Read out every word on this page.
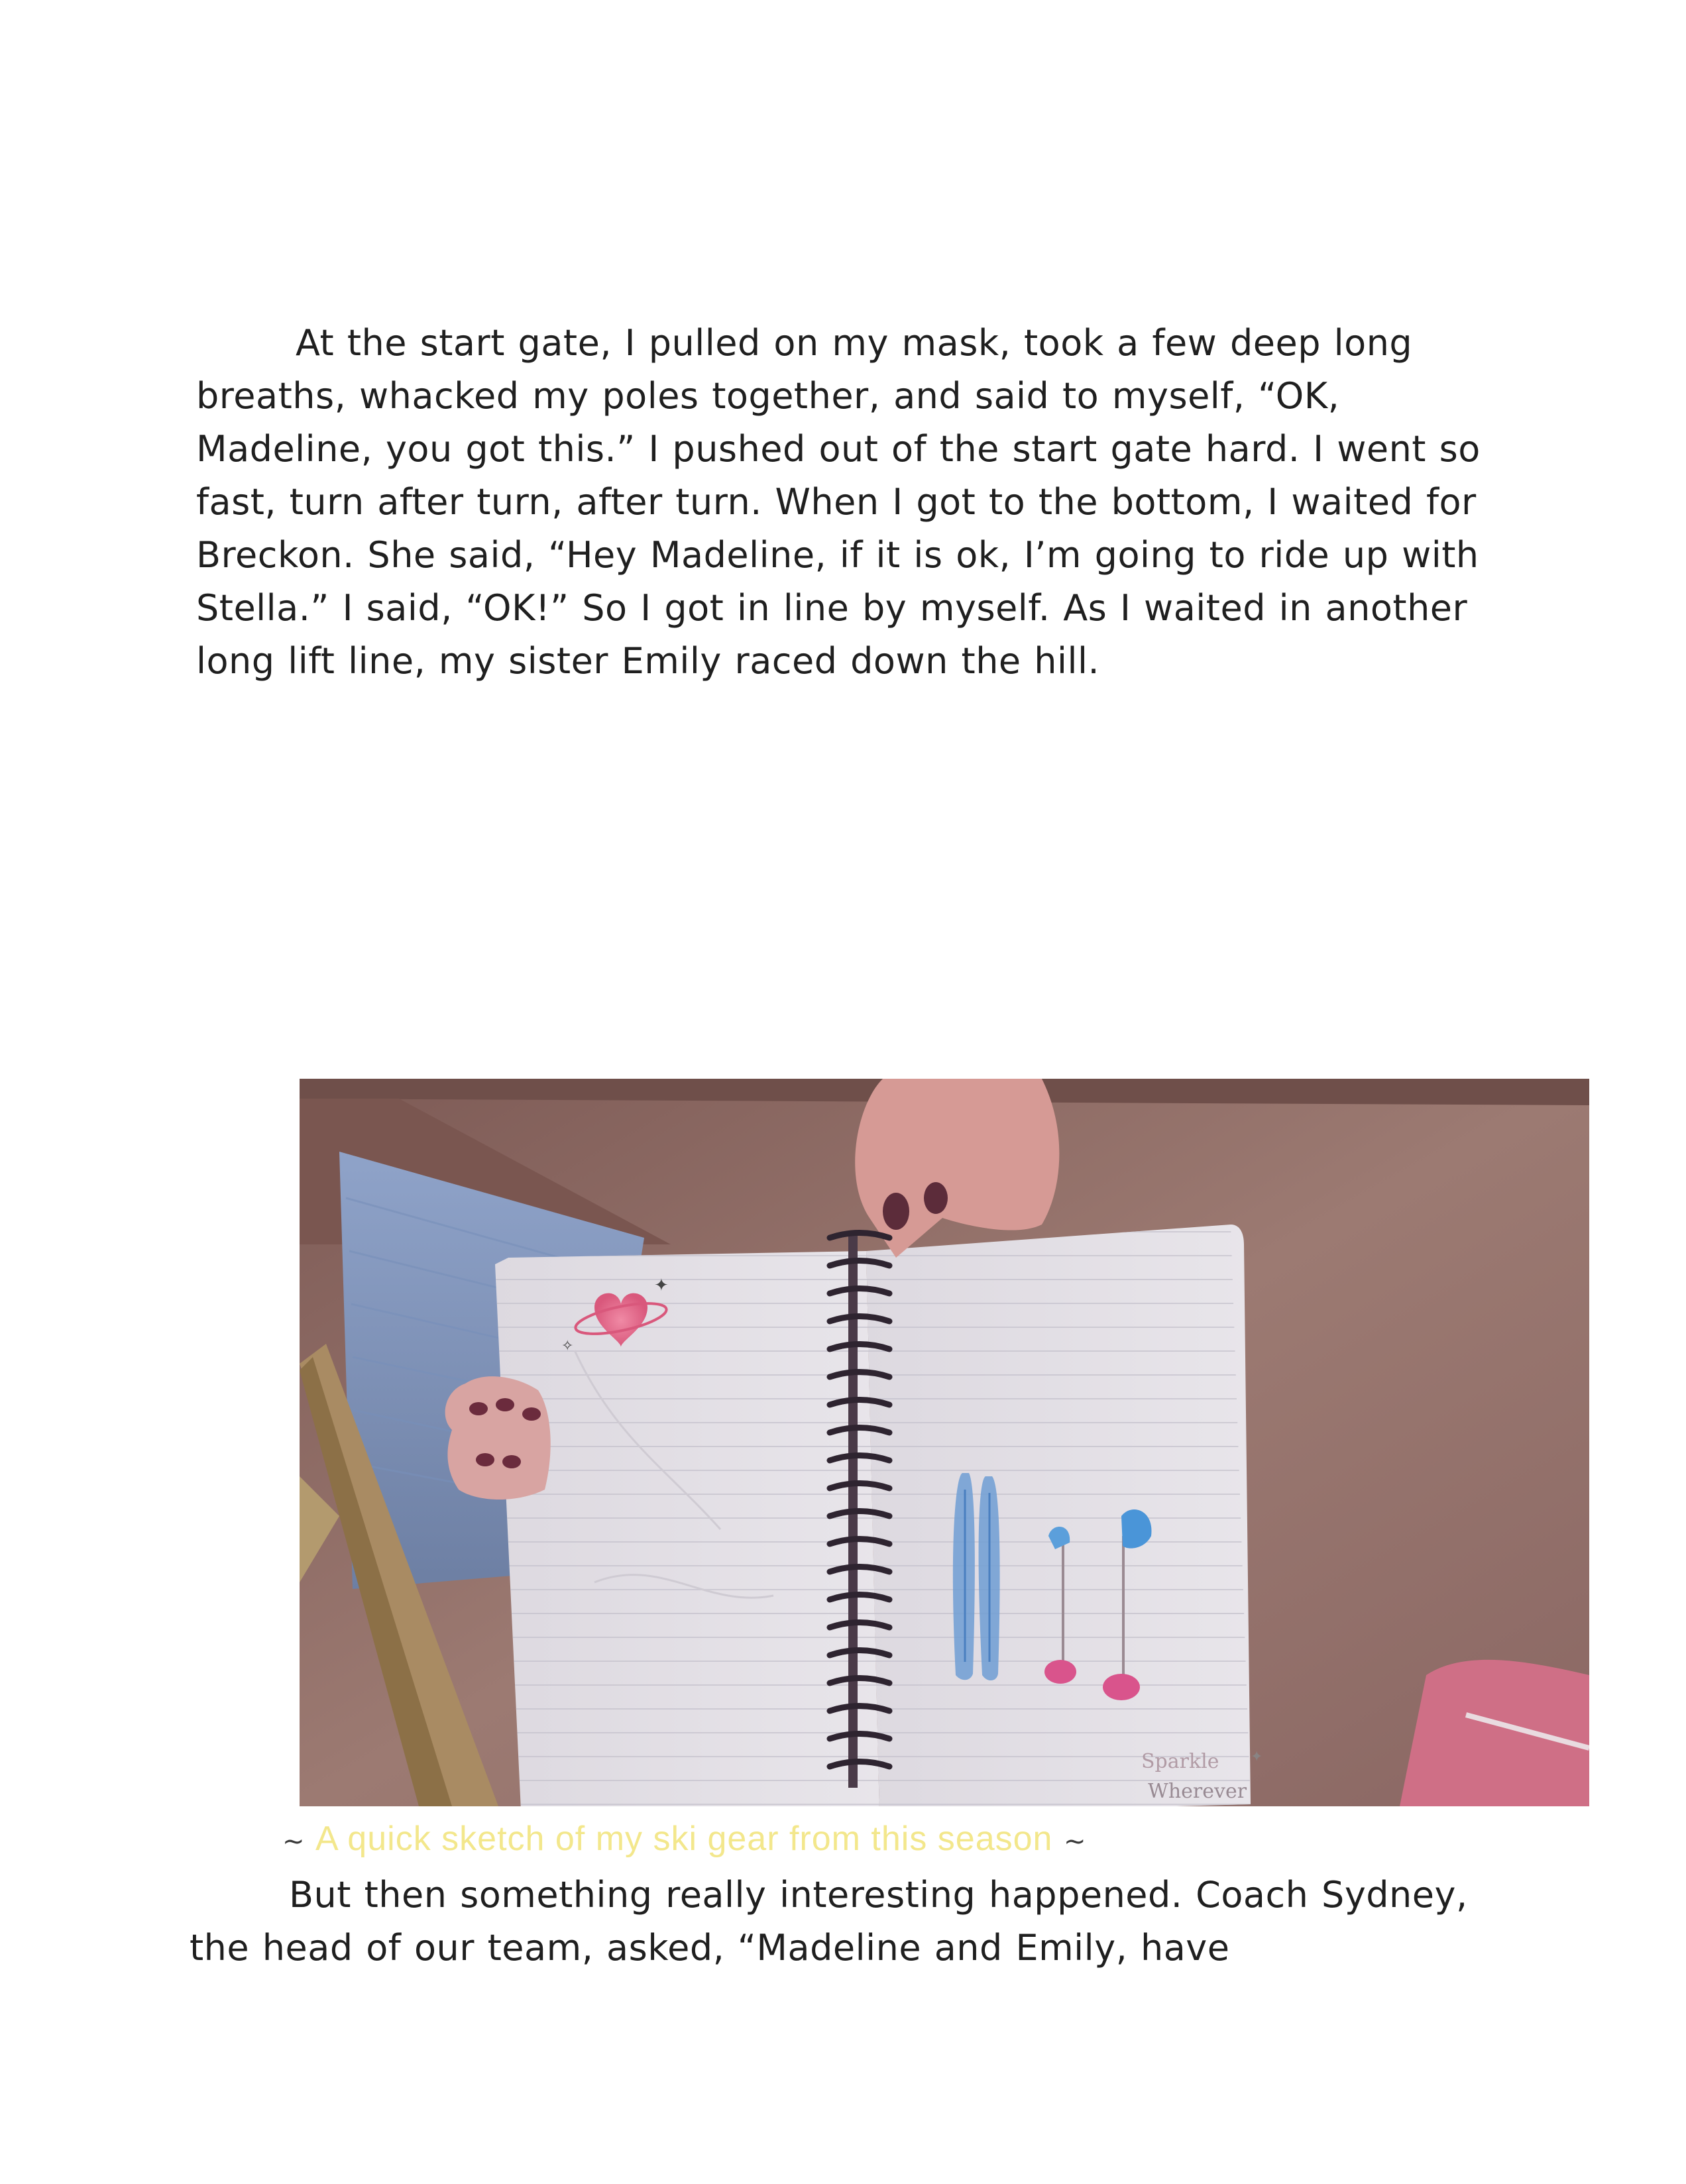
At the start gate, I pulled on my mask, took a few deep long breaths, whacked my poles together, and said to myself, “OK, Madeline, you got this.” I pushed out of the start gate hard. I went so fast, turn after turn, after turn. When I got to the bottom, I waited for Breckon. She said, “Hey Madeline, if it is ok, I’m going to ride up with Stella.” I said, “OK!” So I got in line by myself. As I waited in another long lift line, my sister Emily raced down the hill.
✦
✧
Sparkle
Wherever
✦
~ A quick sketch of my ski gear from this season ~
But then something really interesting happened. Coach Sydney, the head of our team, asked, “Madeline and Emily, have
